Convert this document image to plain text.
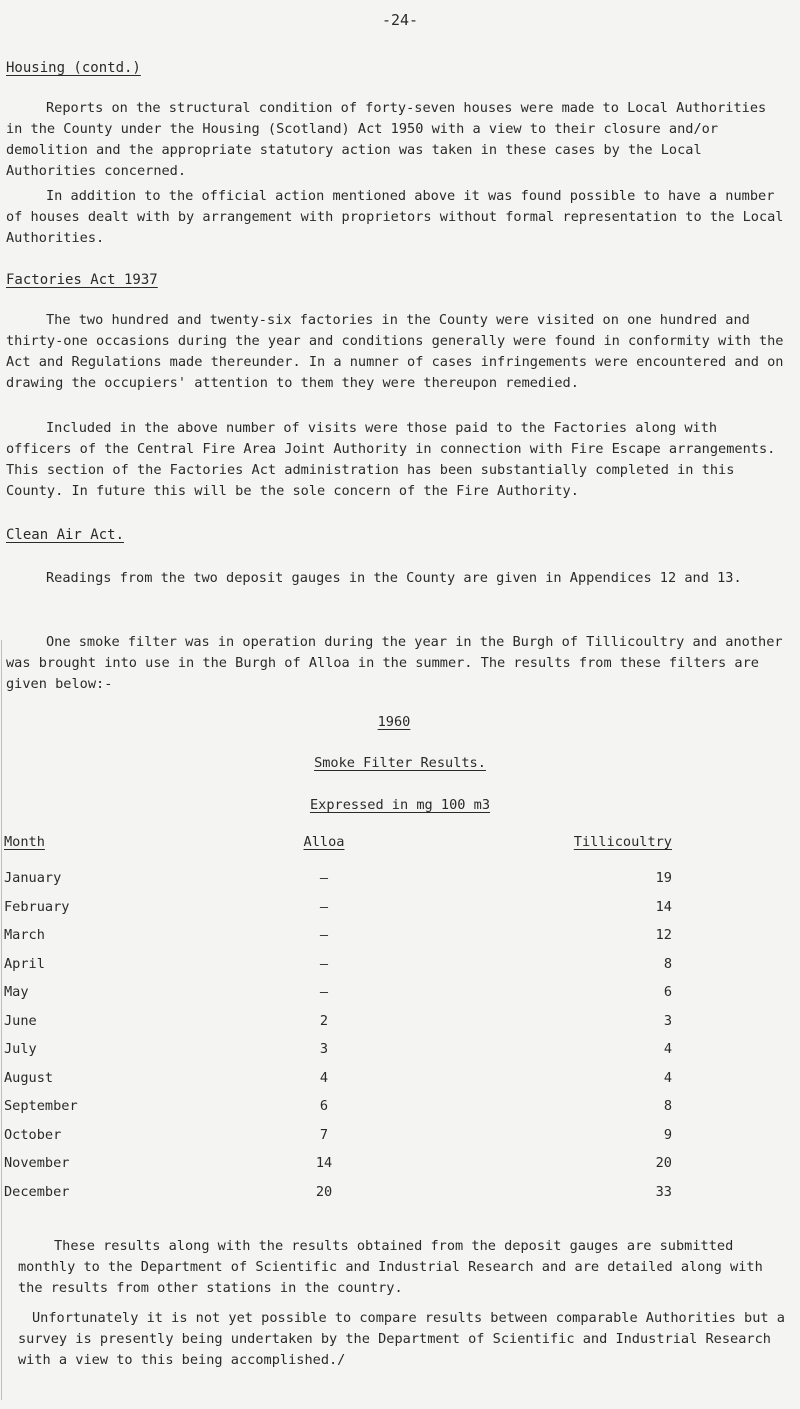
-24-
Housing (contd.)
Reports on the structural condition of forty-seven houses were made to Local Authorities in the County under the Housing (Scotland) Act 1950 with a view to their closure and/or demolition and the appropriate statutory action was taken in these cases by the Local Authorities concerned.
In addition to the official action mentioned above it was found possible to have a number of houses dealt with by arrangement with proprietors without formal representation to the Local Authorities.
Factories Act 1937
The two hundred and twenty-six factories in the County were visited on one hundred and thirty-one occasions during the year and conditions generally were found in conformity with the Act and Regulations made thereunder. In a numner of cases infringements were encountered and on drawing the occupiers' attention to them they were thereupon remedied.
Included in the above number of visits were those paid to the Factories along with officers of the Central Fire Area Joint Authority in connection with Fire Escape arrangements. This section of the Factories Act administration has been substantially completed in this County. In future this will be the sole concern of the Fire Authority.
Clean Air Act.
Readings from the two deposit gauges in the County are given in Appendices 12 and 13.
One smoke filter was in operation during the year in the Burgh of Tillicoultry and another was brought into use in the Burgh of Alloa in the summer. The results from these filters are given below:-
1960
Smoke Filter Results.
Expressed in mg 100 m3
Month	Alloa	Tillicoultry
January	–	19
February	–	14
March	–	12
April	–	8
May	–	6
June	2	3
July	3	4
August	4	4
September	6	8
October	7	9
November	14	20
December	20	33
These results along with the results obtained from the deposit gauges are submitted monthly to the Department of Scientific and Industrial Research and are detailed along with the results from other stations in the country.
Unfortunately it is not yet possible to compare results between comparable Authorities but a survey is presently being undertaken by the Department of Scientific and Industrial Research with a view to this being accomplished./
